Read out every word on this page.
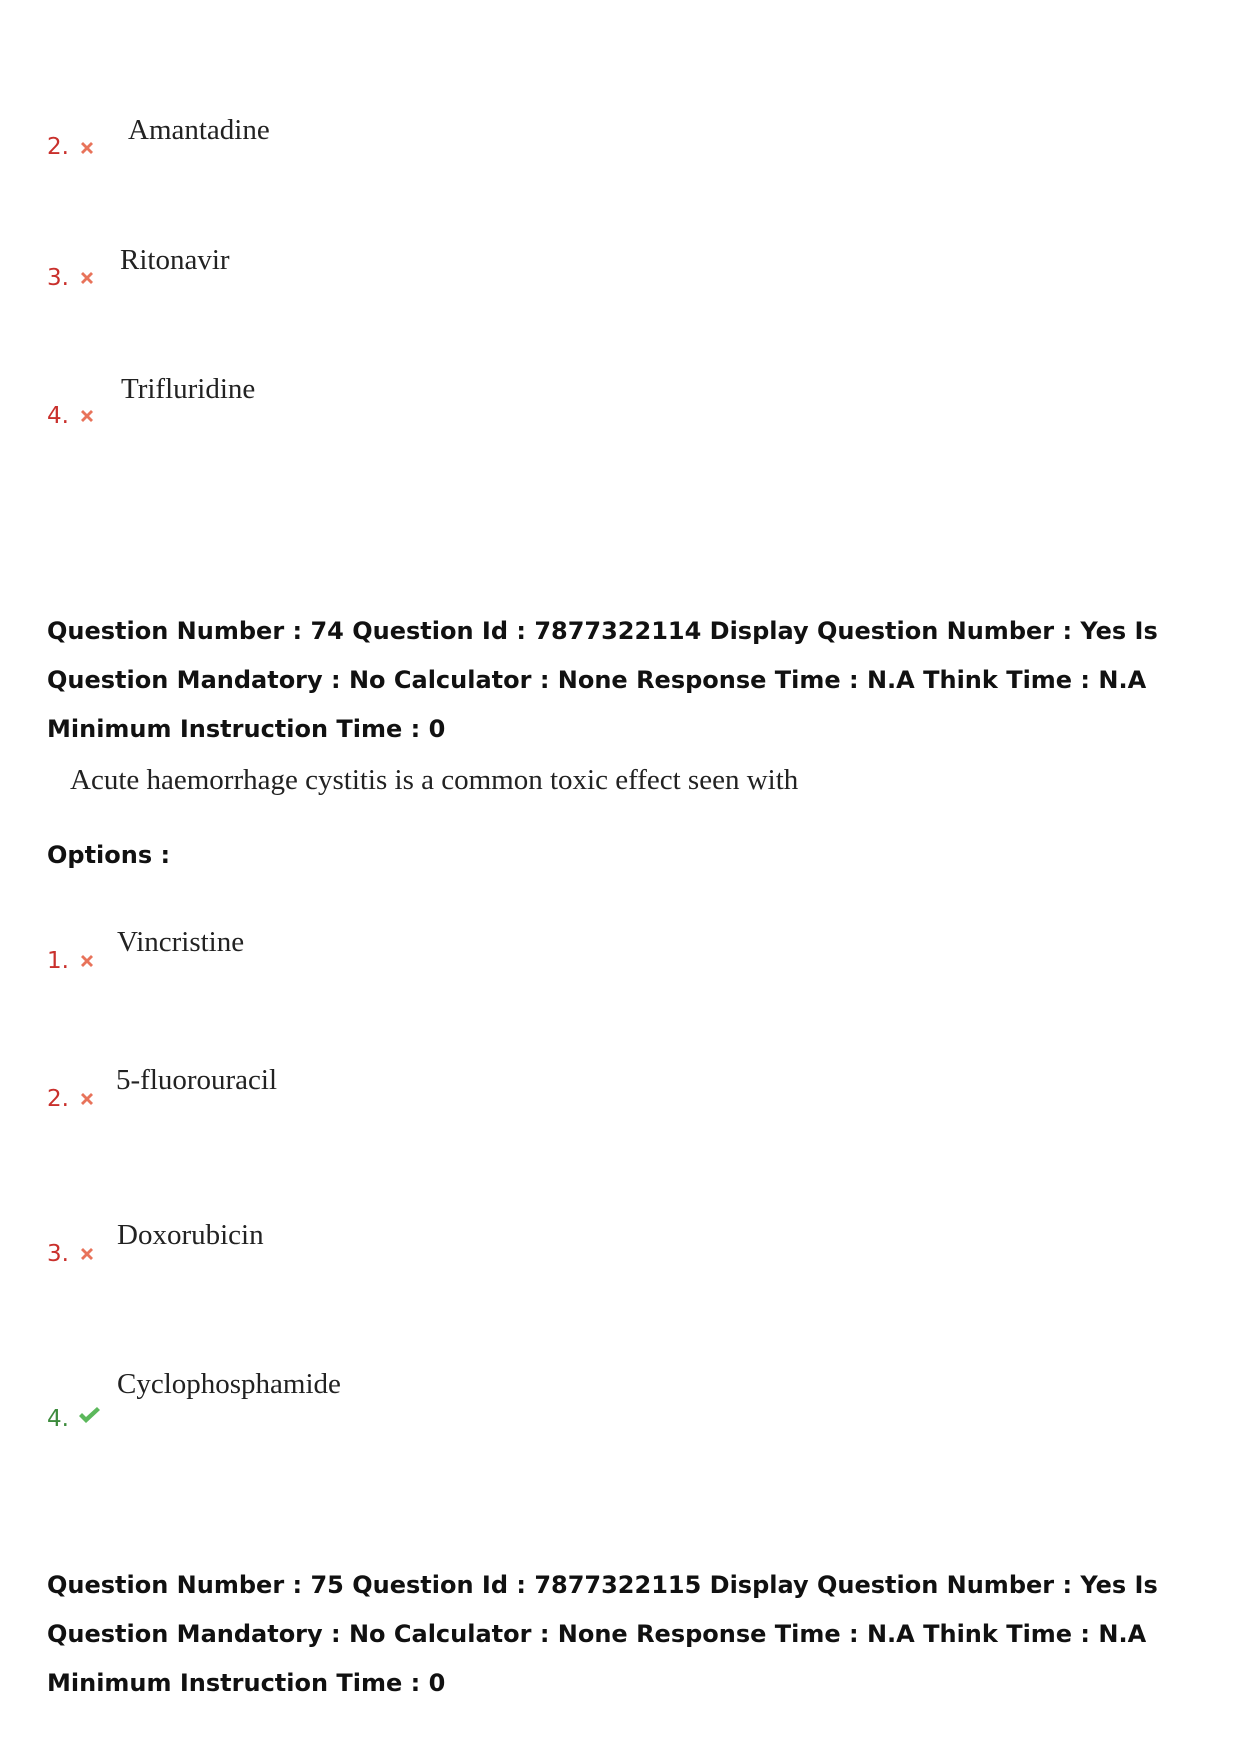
Amantadine
2.
Ritonavir
3.
Trifluridine
4.
Question Number : 74 Question Id : 7877322114 Display Question Number : Yes Is Question Mandatory : No Calculator : None Response Time : N.A Think Time : N.A Minimum Instruction Time : 0
Acute haemorrhage cystitis is a common toxic effect seen with
Options :
Vincristine
1.
5-fluorouracil
2.
Doxorubicin
3.
Cyclophosphamide
4.
Question Number : 75 Question Id : 7877322115 Display Question Number : Yes Is Question Mandatory : No Calculator : None Response Time : N.A Think Time : N.A Minimum Instruction Time : 0
